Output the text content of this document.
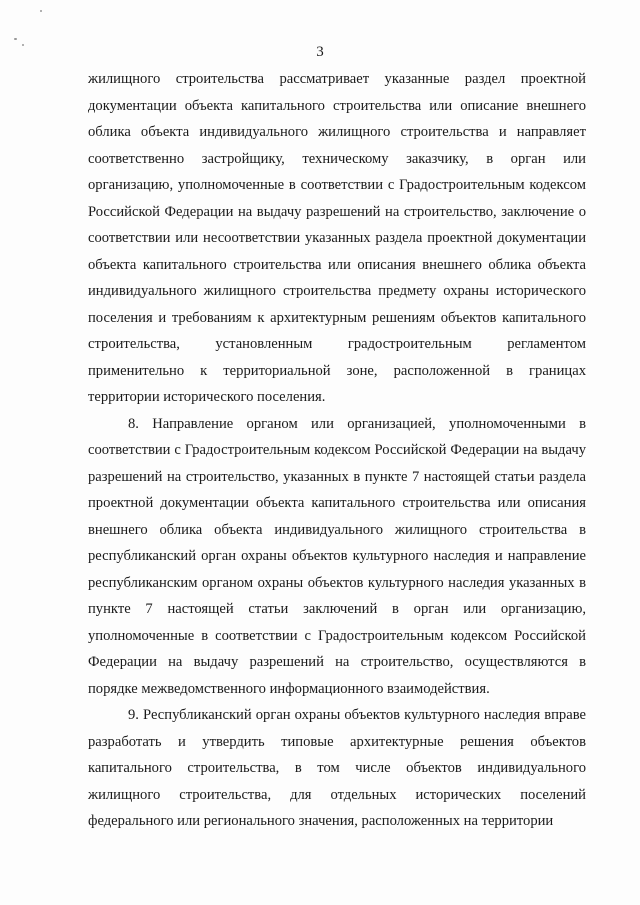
3

жилищного строительства рассматривает указанные раздел проектной документации объекта капитального строительства или описание внешнего облика объекта индивидуального жилищного строительства и направляет соответственно застройщику, техническому заказчику, в орган или организацию, уполномоченные в соответствии с Градостроительным кодексом Российской Федерации на выдачу разрешений на строительство, заключение о соответствии или несоответствии указанных раздела проектной документации объекта капитального строительства или описания внешнего облика объекта индивидуального жилищного строительства предмету охраны исторического поселения и требованиям к архитектурным решениям объектов капитального строительства, установленным градостроительным регламентом применительно к территориальной зоне, расположенной в границах территории исторического поселения.

8. Направление органом или организацией, уполномоченными в соответствии с Градостроительным кодексом Российской Федерации на выдачу разрешений на строительство, указанных в пункте 7 настоящей статьи раздела проектной документации объекта капитального строительства или описания внешнего облика объекта индивидуального жилищного строительства в республиканский орган охраны объектов культурного наследия и направление республиканским органом охраны объектов культурного наследия указанных в пункте 7 настоящей статьи заключений в орган или организацию, уполномоченные в соответствии с Градостроительным кодексом Российской Федерации на выдачу разрешений на строительство, осуществляются в порядке межведомственного информационного взаимодействия.

9. Республиканский орган охраны объектов культурного наследия вправе разработать и утвердить типовые архитектурные решения объектов капитального строительства, в том числе объектов индивидуального жилищного строительства, для отдельных исторических поселений федерального или регионального значения, расположенных на территории
